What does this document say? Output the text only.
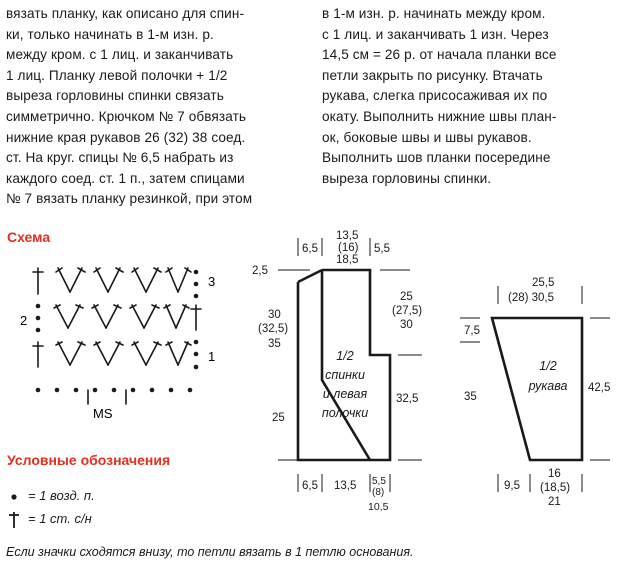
вязать планку, как описано для спин-
ки, только начинать в 1-м изн. р.
между кром. с 1 лиц. и заканчивать
1 лиц. Планку левой полочки + 1/2
выреза горловины спинки связать
симметрично. Крючком № 7 обвязать
нижние края рукавов 26 (32) 38 соед.
ст. На круг. спицы № 6,5 набрать из
каждого соед. ст. 1 п., затем спицами
№ 7 вязать планку резинкой, при этом
в 1-м изн. р. начинать между кром.
с 1 лиц. и заканчивать 1 изн. Через
14,5 см = 26 р. от начала планки все
петли закрыть по рисунку. Втачать
рукава, слегка присосаживая их по
окату. Выполнить нижние швы план-
ок, боковые швы и швы рукавов.
Выполнить шов планки посередине
выреза горловины спинки.
Схема
3
2
1
MS
Условные обозначения
= 1 возд. п.
= 1 ст. с/н
Если значки сходятся внизу, то петли вязать в 1 петлю основания.
6,5
13,5
(16)
18,5
5,5
2,5
30
(32,5)
35
25
25
(27,5)
30
32,5
6,5 13,5 5,5
(8)
10,5
1/2
спинки
и левая
полочки
25,5
(28) 30,5
7,5
35
42,5
9,5
16
(18,5)
21
1/2
рукава
